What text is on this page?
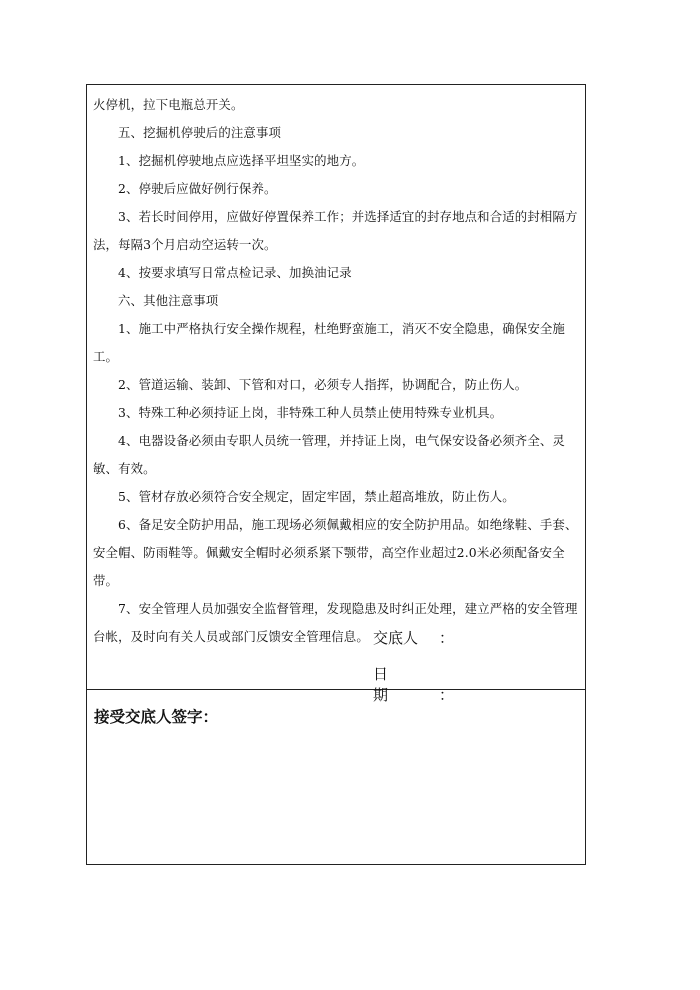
火停机，拉下电瓶总开关。

五、挖掘机停驶后的注意事项

1、挖掘机停驶地点应选择平坦坚实的地方。

2、停驶后应做好例行保养。

3、若长时间停用，应做好停置保养工作；并选择适宜的封存地点和合适的封相隔方法，每隔3个月启动空运转一次。

4、按要求填写日常点检记录、加换油记录

六、其他注意事项

1、施工中严格执行安全操作规程，杜绝野蛮施工，消灭不安全隐患，确保安全施工。

2、管道运输、装卸、下管和对口，必须专人指挥，协调配合，防止伤人。

3、特殊工种必须持证上岗，非特殊工种人员禁止使用特殊专业机具。

4、电器设备必须由专职人员统一管理，并持证上岗，电气保安设备必须齐全、灵敏、有效。

5、管材存放必须符合安全规定，固定牢固，禁止超高堆放，防止伤人。

6、备足安全防护用品，施工现场必须佩戴相应的安全防护用品。如绝缘鞋、手套、安全帽、防雨鞋等。佩戴安全帽时必须系紧下颚带，高空作业超过2.0米必须配备安全带。

7、安全管理人员加强安全监督管理，发现隐患及时纠正处理，建立严格的安全管理台帐，及时向有关人员或部门反馈安全管理信息。 交底人 ：
日期 ：
接受交底人签字：
